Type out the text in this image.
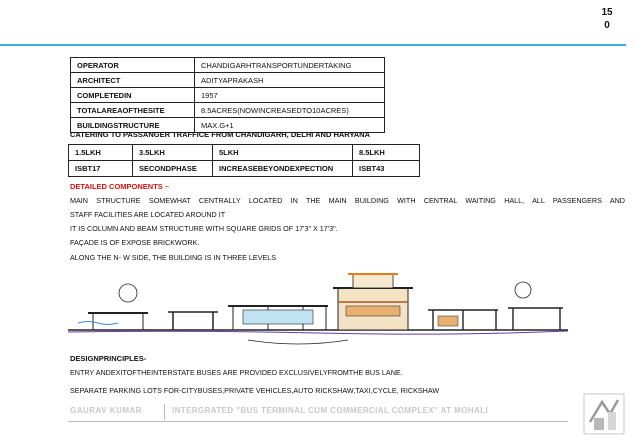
15
0
OPERATOR	CHANDIGARHTRANSPORTUNDERTAKING
ARCHITECT	ADITYAPRAKASH
COMPLETEDIN	1957
TOTALAREAOFTHESITE	8.5ACRES(NOWINCREASEDTO10ACRES)
BUILDINGSTRUCTURE	MAX.G+1
CATERING TO PASSANGER TRAFFICE FROM CHANDIGARH, DELHI AND HARYANA
1.5LKH	3.5LKH	5LKH	8.5LKH
ISBT17	SECONDPHASE	INCREASEBEYONDEXPECTION	ISBT43
DETAILED COMPONENTS –
MAIN STRUCTURE SOMEWHAT CENTRALLY LOCATED IN THE MAIN BUILDING WITH CENTRAL WAITING HALL, ALL PASSENGERS AND
STAFF FACILITIES ARE LOCATED AROUND IT
IT IS COLUMN AND BEAM STRUCTURE WITH SQUARE GRIDS OF 17'3" X 17'3".
FAÇADE IS OF EXPOSE BRICKWORK.
ALONG THE N- W SIDE, THE BUILDING IS IN THREE LEVELS
DESIGNPRINCIPLES-
ENTRY ANDEXITOFTHEINTERSTATE BUSES ARE PROVIDED EXCLUSIVELYFROMTHE BUS LANE.
SEPARATE PARKING LOTS FOR-CITYBUSES,PRIVATE VEHICLES,AUTO RICKSHAW,TAXI,CYCLE, RICKSHAW
GAURAV KUMAR	INTERGRATED "BUS TERMINAL CUM COMMERCIAL COMPLEX" AT MOHALI
